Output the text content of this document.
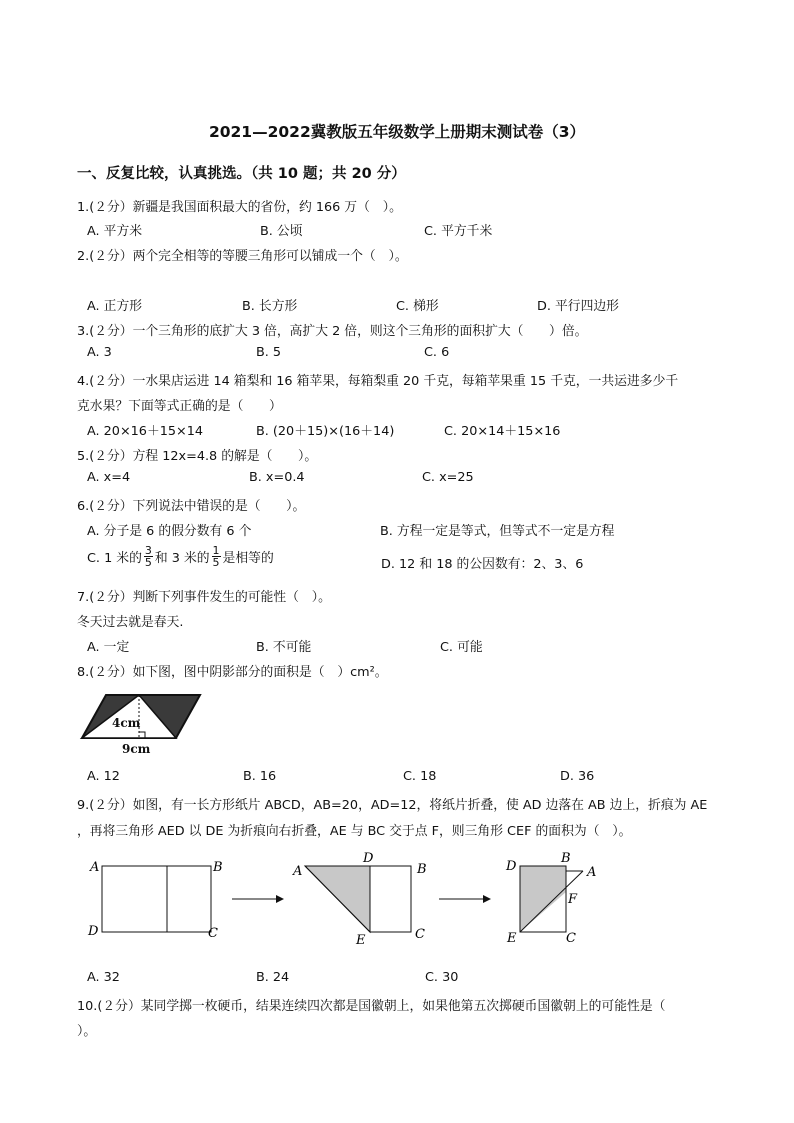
2021—2022冀教版五年级数学上册期末测试卷（3）
一、反复比较，认真挑选。（共 10 题；共 20 分）
1.(２分）新疆是我国面积最大的省份，约 166 万（　）。
A. 平方米	B. 公顷	C. 平方千米
2.(２分）两个完全相等的等腰三角形可以铺成一个（　）。
A. 正方形	B. 长方形	C. 梯形	D. 平行四边形
3.(２分）一个三角形的底扩大 3 倍，高扩大 2 倍，则这个三角形的面积扩大（　　）倍。
A. 3	B. 5	C. 6
4.(２分）一水果店运进 14 箱梨和 16 箱苹果，每箱梨重 20 千克，每箱苹果重 15 千克，一共运进多少千
克水果？下面等式正确的是（　　）
A. 20×16＋15×14	B. (20＋15)×(16＋14)	C. 20×14＋15×16
5.(２分）方程 12x=4.8 的解是（　　）。
A. x=4	B. x=0.4	C. x=25
6.(２分）下列说法中错误的是（　　）。
A. 分子是 6 的假分数有 6 个	B. 方程一定是等式，但等式不一定是方程
C. 1 米的 $\frac{3}{5}$ 和 3 米的 $\frac{1}{5}$ 是相等的	D. 12 和 18 的公因数有：2、3、6
7.(２分）判断下列事件发生的可能性（　）。
冬天过去就是春天.
A. 一定	B. 不可能	C. 可能
8.(２分）如下图，图中阴影部分的面积是（　）cm²。
4cm
9cm
A. 12	B. 16	C. 18	D. 36
9.(２分）如图，有一长方形纸片 ABCD，AB=20，AD=12，将纸片折叠，使 AD 边落在 AB 边上，折痕为 AE
，再将三角形 AED 以 DE 为折痕向右折叠，AE 与 BC 交于点 F，则三角形 CEF 的面积为（　）。
A	B
D	C
A
D
B
E	C
D
B
A
F
E	C
A. 32	B. 24	C. 30
10.(２分）某同学掷一枚硬币，结果连续四次都是国徽朝上，如果他第五次掷硬币国徽朝上的可能性是（
）。
